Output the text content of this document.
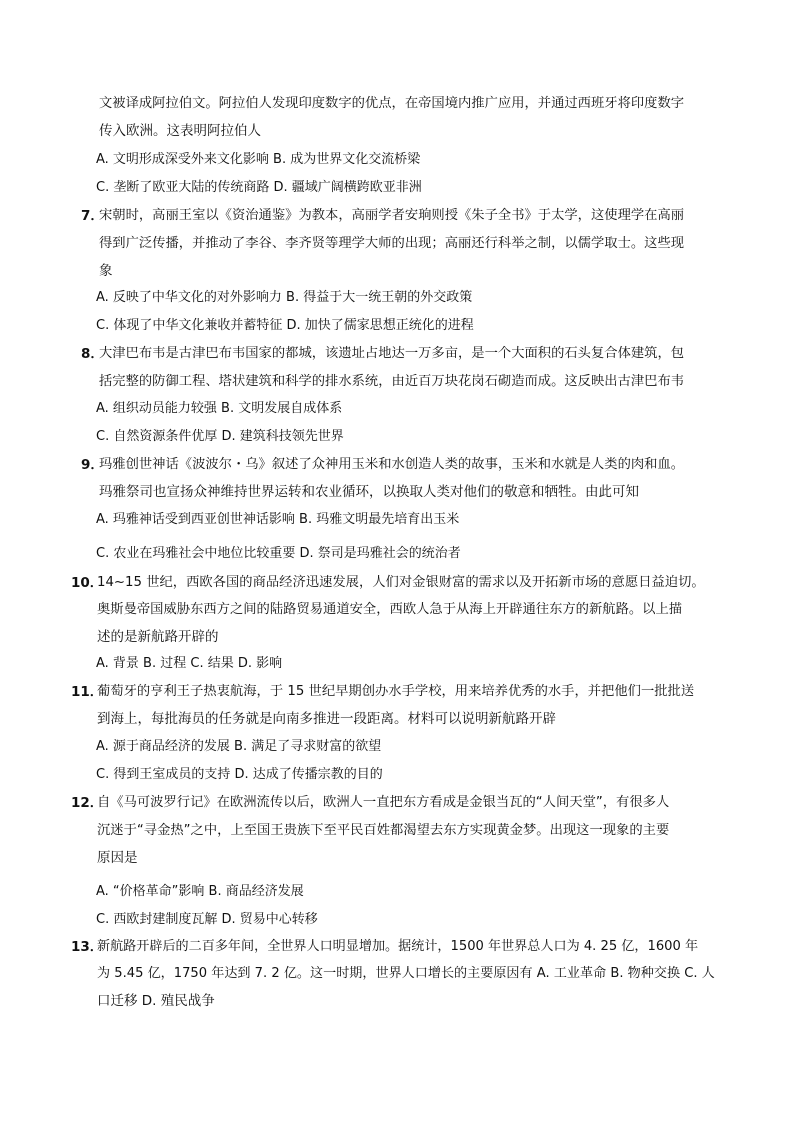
文被译成阿拉伯文。阿拉伯人发现印度数字的优点，在帝国境内推广应用，并通过西班牙将印度数字
传入欧洲。这表明阿拉伯人
A. 文明形成深受外来文化影响 B. 成为世界文化交流桥梁
C. 垄断了欧亚大陆的传统商路 D. 疆域广阔横跨欧亚非洲
7．
宋朝时，高丽王室以《资治通鉴》为教本，高丽学者安珦则授《朱子全书》于太学，这使理学在高丽
得到广泛传播，并推动了李谷、李齐贤等理学大师的出现；高丽还行科举之制，以儒学取士。这些现
象
A. 反映了中华文化的对外影响力 B. 得益于大一统王朝的外交政策
C. 体现了中华文化兼收并蓄特征 D. 加快了儒家思想正统化的进程
8．
大津巴布韦是古津巴布韦国家的都城，该遗址占地达一万多亩，是一个大面积的石头复合体建筑，包
括完整的防御工程、塔状建筑和科学的排水系统，由近百万块花岗石砌造而成。这反映出古津巴布韦
A. 组织动员能力较强 B. 文明发展自成体系
C. 自然资源条件优厚 D. 建筑科技领先世界
9．
玛雅创世神话《波波尔・乌》叙述了众神用玉米和水创造人类的故事，玉米和水就是人类的肉和血。
玛雅祭司也宣扬众神维持世界运转和农业循环，以换取人类对他们的敬意和牺牲。由此可知
A. 玛雅神话受到西亚创世神话影响 B. 玛雅文明最先培育出玉米
C. 农业在玛雅社会中地位比较重要 D. 祭司是玛雅社会的统治者
10．
14~15 世纪，西欧各国的商品经济迅速发展，人们对金银财富的需求以及开拓新市场的意愿日益迫切。
奥斯曼帝国威胁东西方之间的陆路贸易通道安全，西欧人急于从海上开辟通往东方的新航路。以上描
述的是新航路开辟的
A. 背景 B. 过程 C. 结果 D. 影响
11．
葡萄牙的亨利王子热衷航海，于 15 世纪早期创办水手学校，用来培养优秀的水手，并把他们一批批送
到海上，每批海员的任务就是向南多推进一段距离。材料可以说明新航路开辟
A. 源于商品经济的发展 B. 满足了寻求财富的欲望
C. 得到王室成员的支持 D. 达成了传播宗教的目的
12．
自《马可波罗行记》在欧洲流传以后，欧洲人一直把东方看成是金银当瓦的“人间天堂”，有很多人
沉迷于“寻金热”之中，上至国王贵族下至平民百姓都渴望去东方实现黄金梦。出现这一现象的主要
原因是
A. “价格革命”影响 B. 商品经济发展
C. 西欧封建制度瓦解 D. 贸易中心转移
13．
新航路开辟后的二百多年间，全世界人口明显增加。据统计，1500 年世界总人口为 4. 25 亿，1600 年
为 5.45 亿，1750 年达到 7. 2 亿。这一时期，世界人口增长的主要原因有 A. 工业革命 B. 物种交换 C. 人
口迁移 D. 殖民战争
